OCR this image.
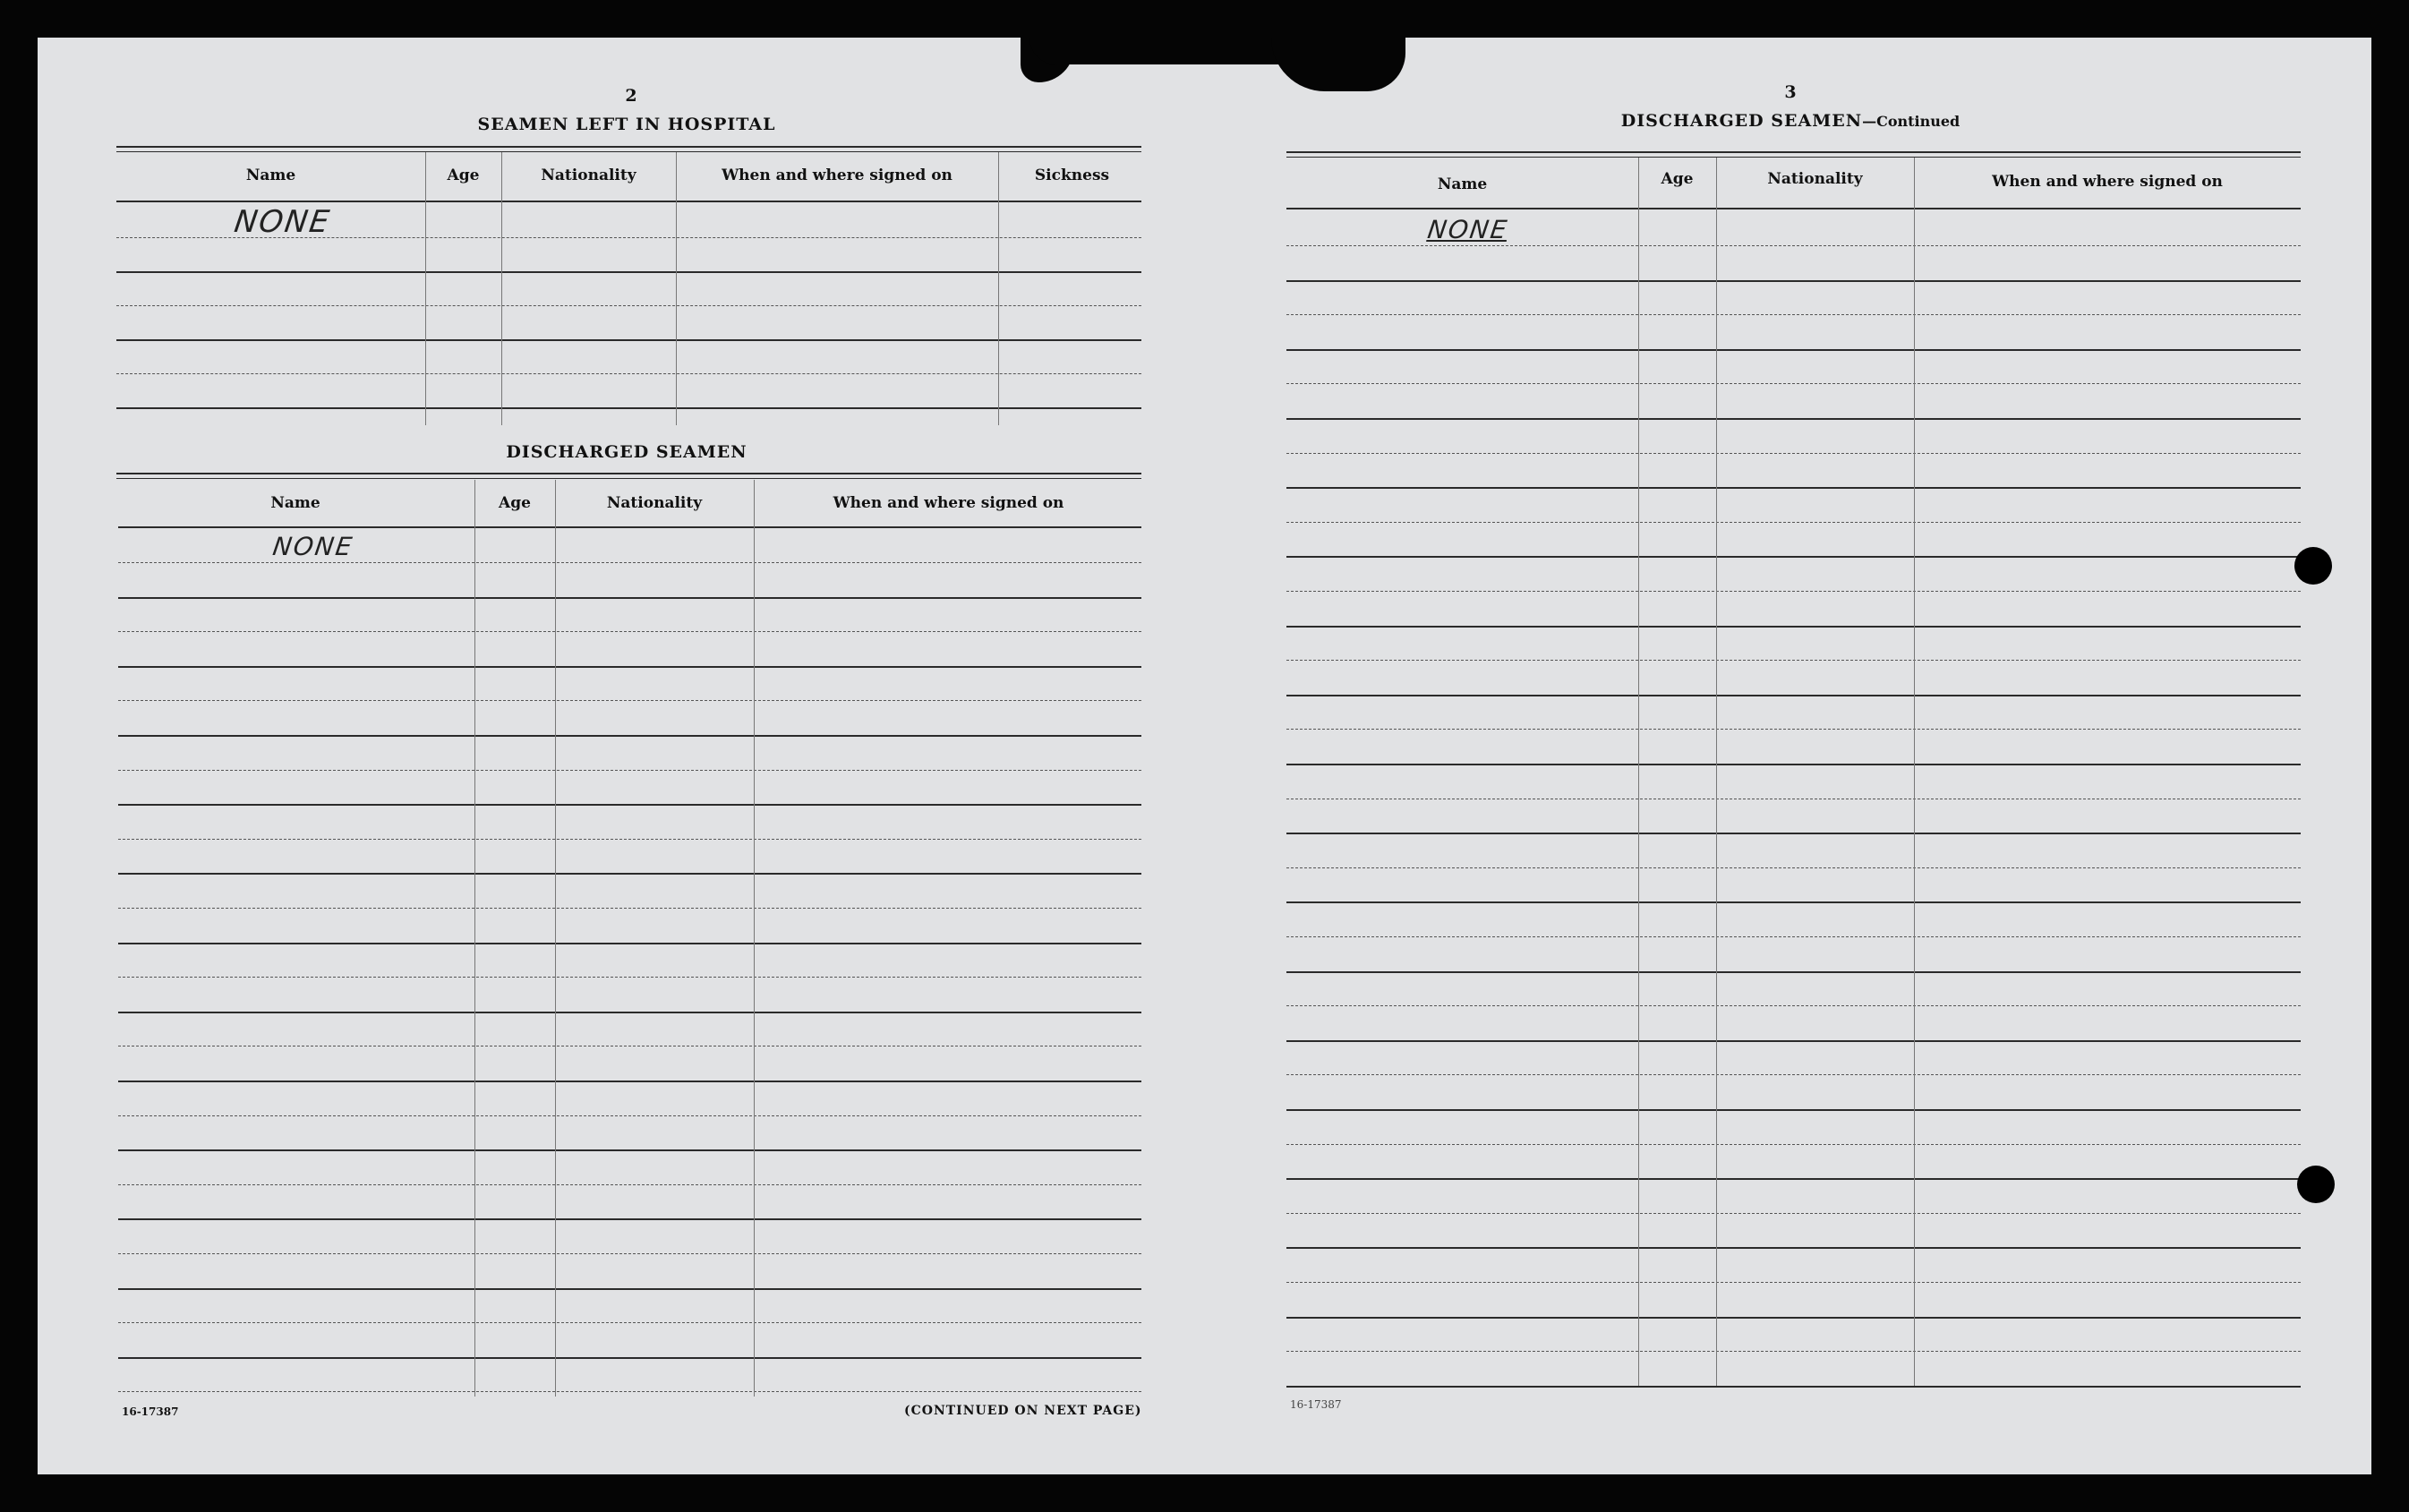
2
SEAMEN LEFT IN HOSPITAL
Name	Age	Nationality	When and where signed on	Sickness
NONE
DISCHARGED SEAMEN
Name	Age	Nationality	When and where signed on
NONE
16-17387	(CONTINUED ON NEXT PAGE)
3
DISCHARGED SEAMEN—Continued
Name	Age	Nationality	When and where signed on
NONE
16-17387
